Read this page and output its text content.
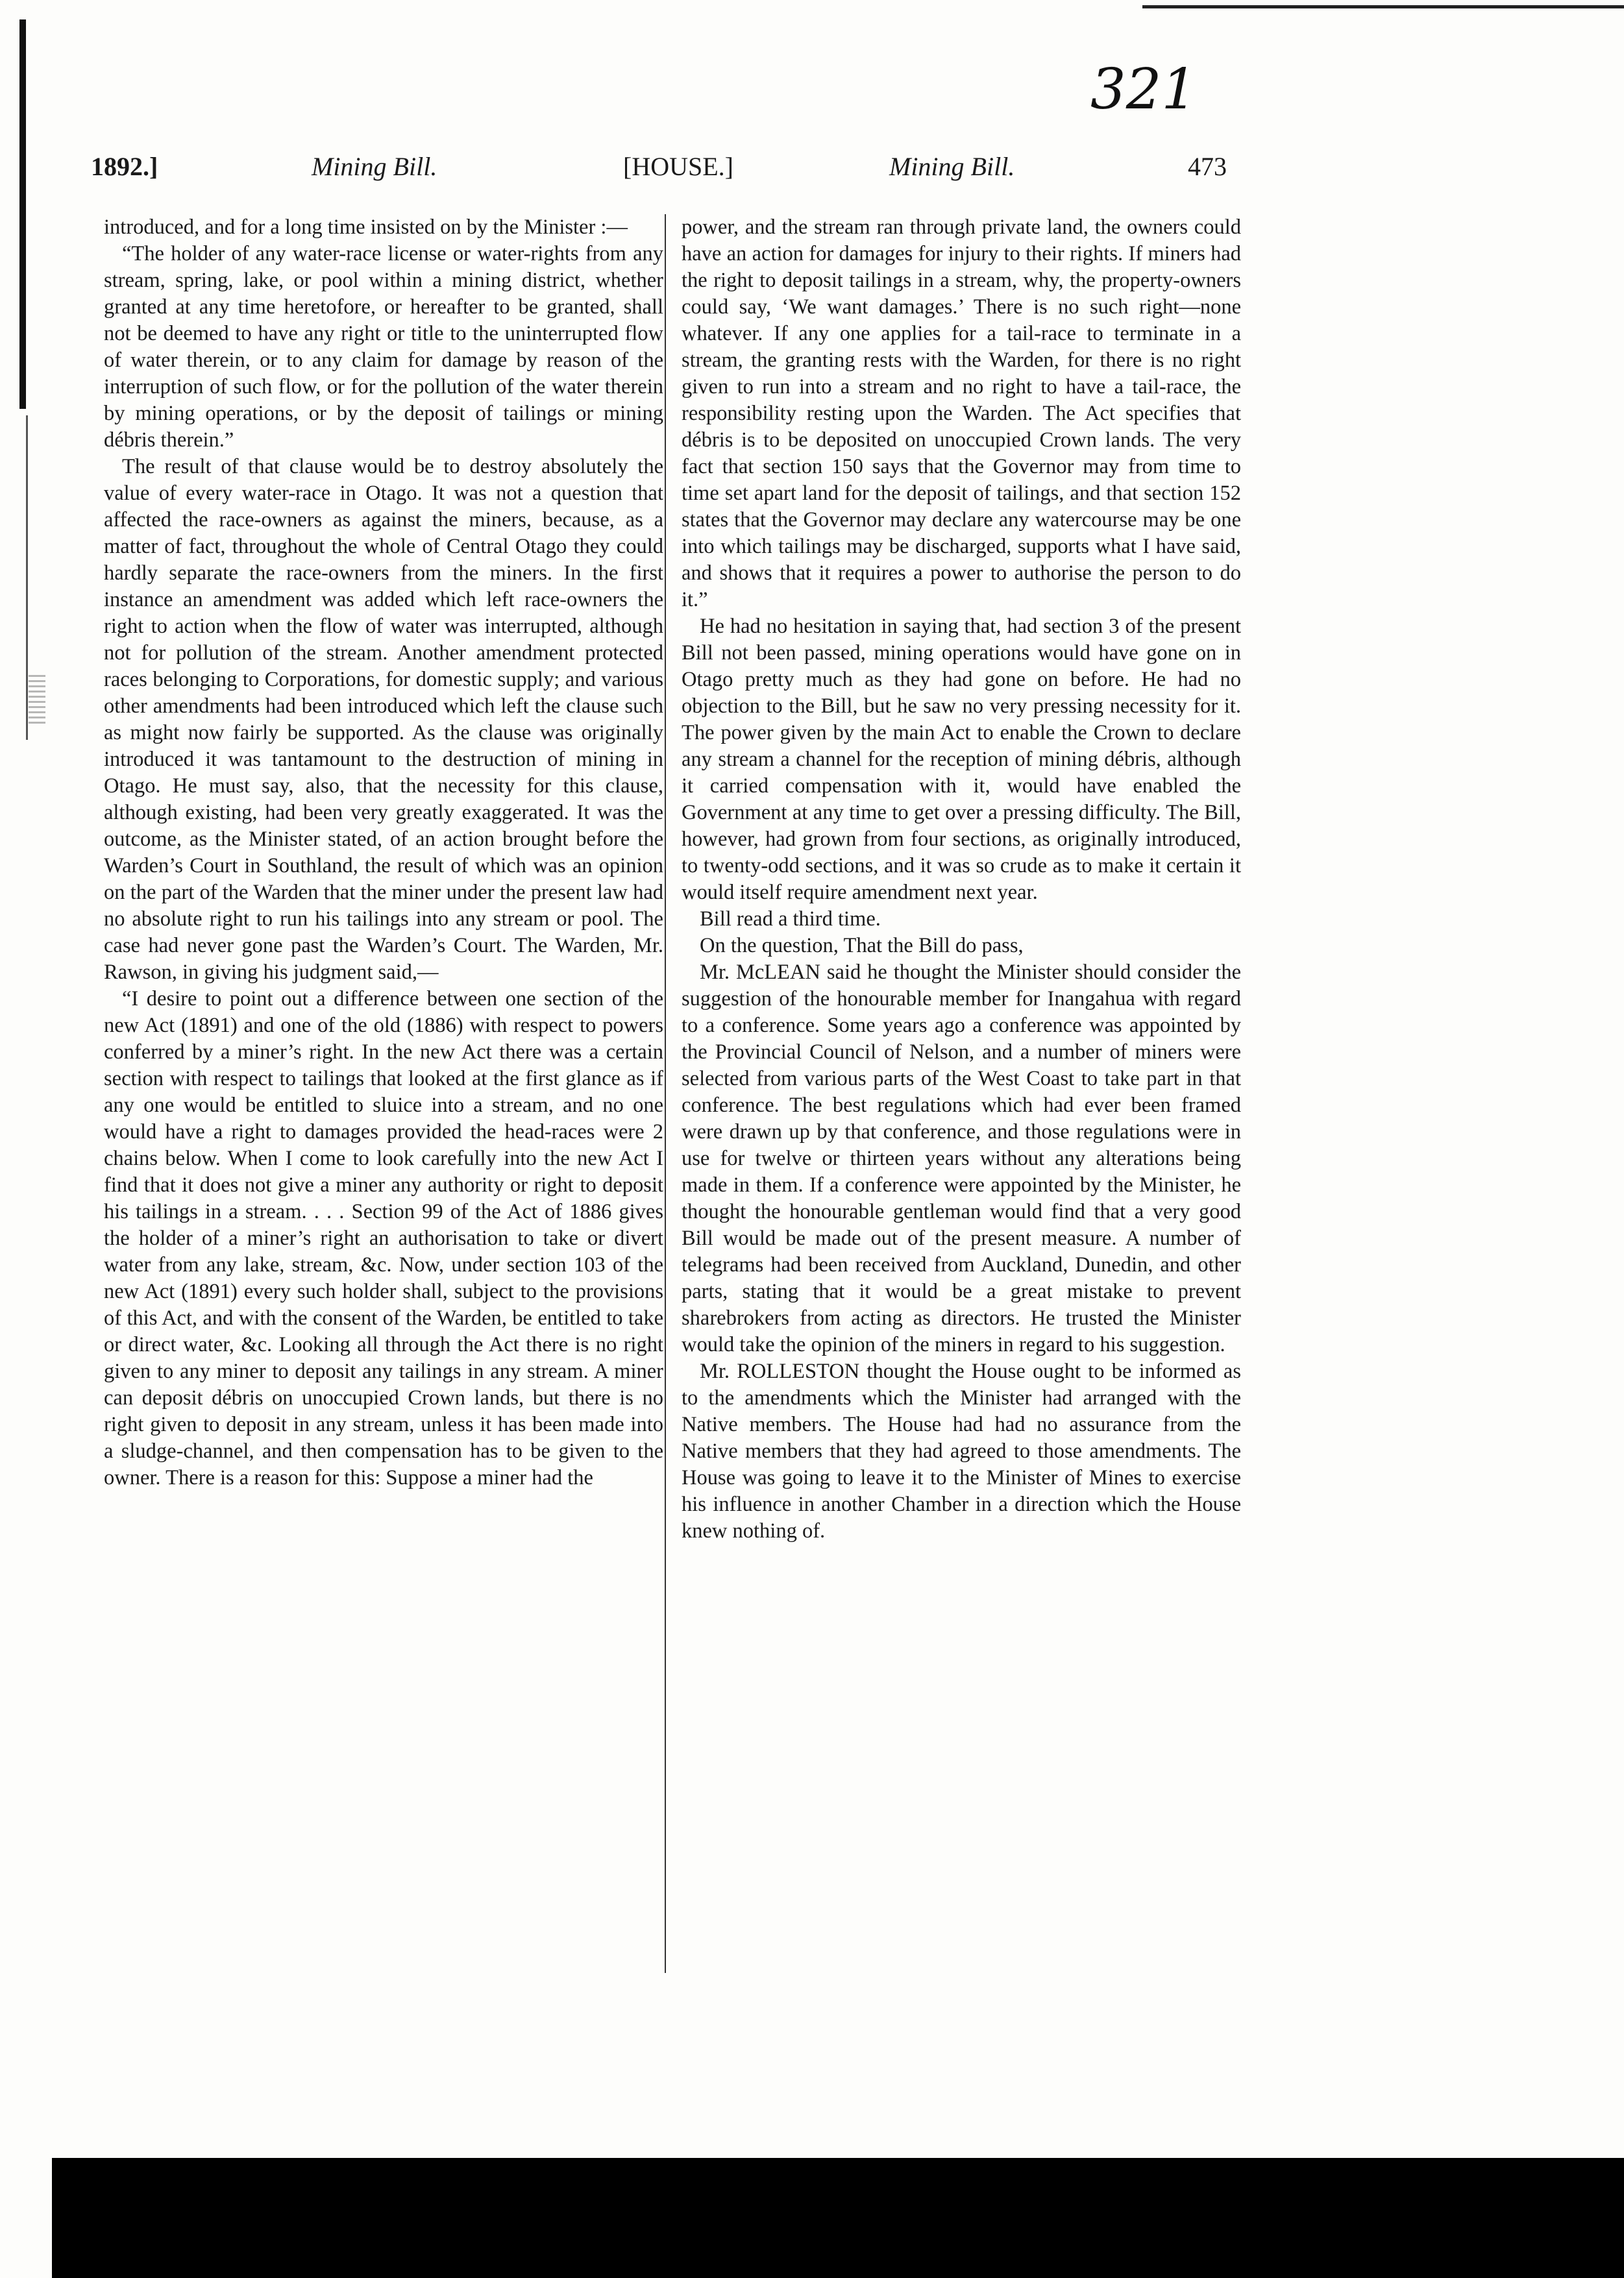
321
1892.]	Mining Bill.	[HOUSE.]	Mining Bill.	473

introduced, and for a long time insisted on by the Minister :—

“The holder of any water-race license or water-rights from any stream, spring, lake, or pool within a mining district, whether granted at any time heretofore, or hereafter to be granted, shall not be deemed to have any right or title to the uninterrupted flow of water therein, or to any claim for damage by reason of the interruption of such flow, or for the pollution of the water therein by mining operations, or by the deposit of tailings or mining débris therein.”

The result of that clause would be to destroy absolutely the value of every water-race in Otago. It was not a question that affected the race-owners as against the miners, because, as a matter of fact, throughout the whole of Central Otago they could hardly separate the race-owners from the miners. In the first instance an amendment was added which left race-owners the right to action when the flow of water was interrupted, although not for pollution of the stream. Another amendment protected races belonging to Corporations, for domestic supply; and various other amendments had been introduced which left the clause such as might now fairly be supported. As the clause was originally introduced it was tantamount to the destruction of mining in Otago. He must say, also, that the necessity for this clause, although existing, had been very greatly exaggerated. It was the outcome, as the Minister stated, of an action brought before the Warden’s Court in Southland, the result of which was an opinion on the part of the Warden that the miner under the present law had no absolute right to run his tailings into any stream or pool. The case had never gone past the Warden’s Court. The Warden, Mr. Rawson, in giving his judgment said,—

“I desire to point out a difference between one section of the new Act (1891) and one of the old (1886) with respect to powers conferred by a miner’s right. In the new Act there was a certain section with respect to tailings that looked at the first glance as if any one would be entitled to sluice into a stream, and no one would have a right to damages provided the head-races were 2 chains below. When I come to look carefully into the new Act I find that it does not give a miner any authority or right to deposit his tailings in a stream. . . . Section 99 of the Act of 1886 gives the holder of a miner’s right an authorisation to take or divert water from any lake, stream, &c. Now, under section 103 of the new Act (1891) every such holder shall, subject to the provisions of this Act, and with the consent of the Warden, be entitled to take or direct water, &c. Looking all through the Act there is no right given to any miner to deposit any tailings in any stream. A miner can deposit débris on unoccupied Crown lands, but there is no right given to deposit in any stream, unless it has been made into a sludge-channel, and then compensation has to be given to the owner. There is a reason for this: Suppose a miner had the

power, and the stream ran through private land, the owners could have an action for damages for injury to their rights. If miners had the right to deposit tailings in a stream, why, the property-owners could say, ‘We want damages.’ There is no such right—none whatever. If any one applies for a tail-race to terminate in a stream, the granting rests with the Warden, for there is no right given to run into a stream and no right to have a tail-race, the responsibility resting upon the Warden. The Act specifies that débris is to be deposited on unoccupied Crown lands. The very fact that section 150 says that the Governor may from time to time set apart land for the deposit of tailings, and that section 152 states that the Governor may declare any watercourse may be one into which tailings may be discharged, supports what I have said, and shows that it requires a power to authorise the person to do it.”

He had no hesitation in saying that, had section 3 of the present Bill not been passed, mining operations would have gone on in Otago pretty much as they had gone on before. He had no objection to the Bill, but he saw no very pressing necessity for it. The power given by the main Act to enable the Crown to declare any stream a channel for the reception of mining débris, although it carried compensation with it, would have enabled the Government at any time to get over a pressing difficulty. The Bill, however, had grown from four sections, as originally introduced, to twenty-odd sections, and it was so crude as to make it certain it would itself require amendment next year.

Bill read a third time.

On the question, That the Bill do pass,

Mr. McLEAN said he thought the Minister should consider the suggestion of the honourable member for Inangahua with regard to a conference. Some years ago a conference was appointed by the Provincial Council of Nelson, and a number of miners were selected from various parts of the West Coast to take part in that conference. The best regulations which had ever been framed were drawn up by that conference, and those regulations were in use for twelve or thirteen years without any alterations being made in them. If a conference were appointed by the Minister, he thought the honourable gentleman would find that a very good Bill would be made out of the present measure. A number of telegrams had been received from Auckland, Dunedin, and other parts, stating that it would be a great mistake to prevent sharebrokers from acting as directors. He trusted the Minister would take the opinion of the miners in regard to his suggestion.

Mr. ROLLESTON thought the House ought to be informed as to the amendments which the Minister had arranged with the Native members. The House had had no assurance from the Native members that they had agreed to those amendments. The House was going to leave it to the Minister of Mines to exercise his influence in another Chamber in a direction which the House knew nothing of.
